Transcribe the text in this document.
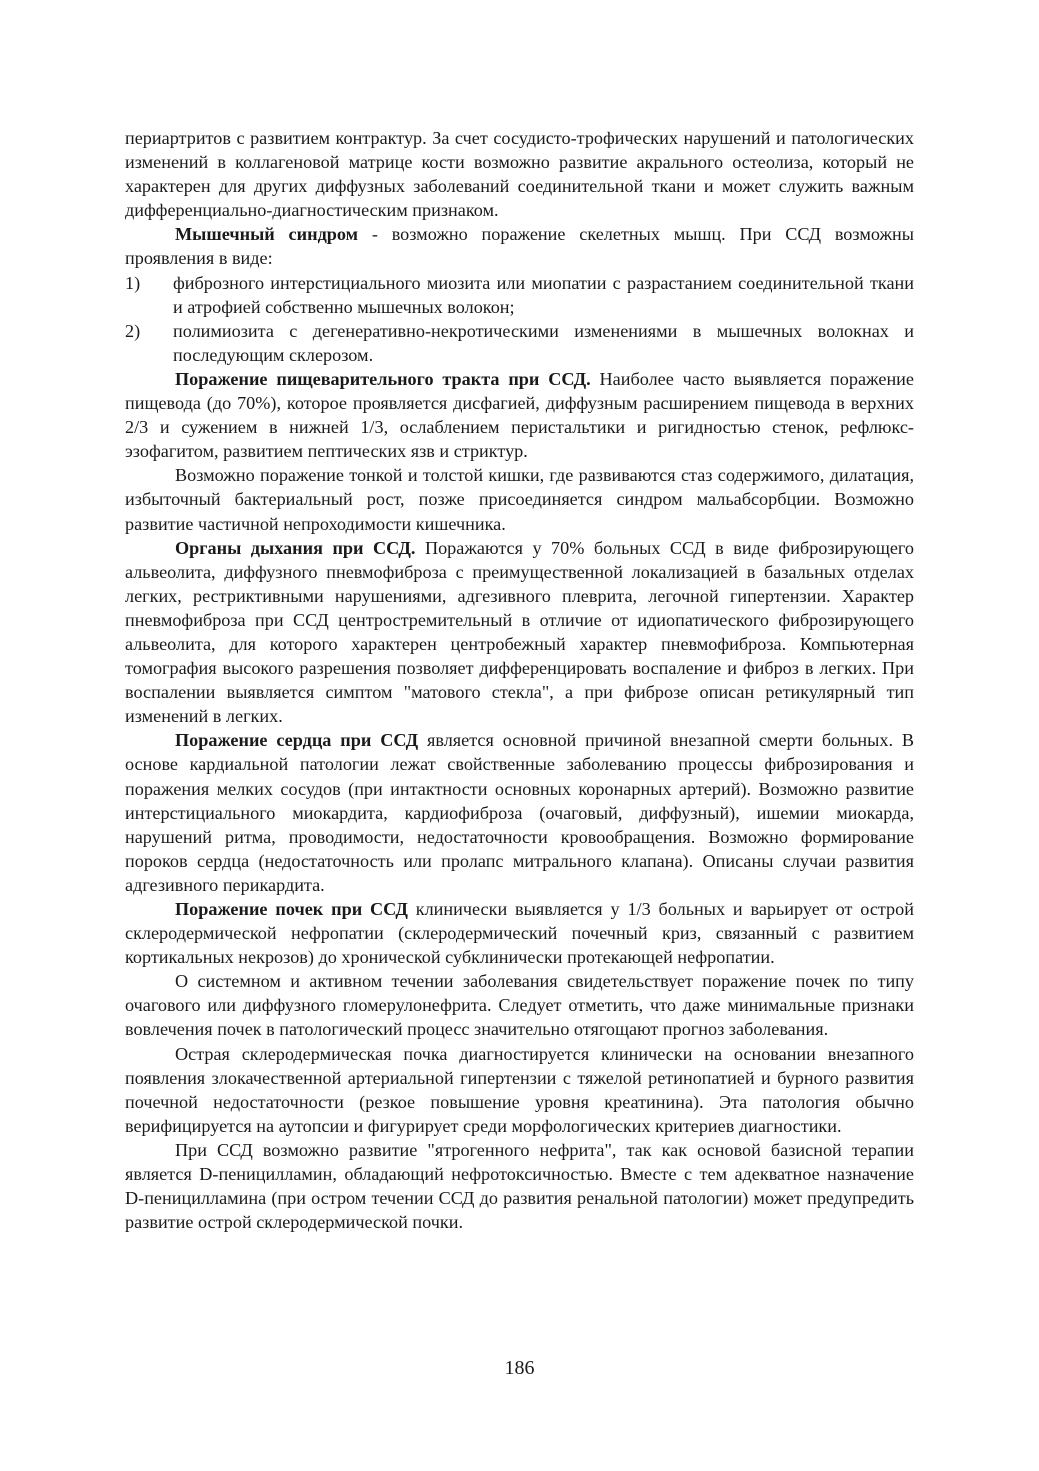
периартритов с развитием контрактур. За счет сосудисто-трофических нарушений и патологических изменений в коллагеновой матрице кости возможно развитие акрального остеолиза, который не характерен для других диффузных заболеваний соединительной ткани и может служить важным дифференциально-диагностическим признаком.

Мышечный синдром - возможно поражение скелетных мышц. При ССД возможны проявления в виде:

1) фиброзного интерстициального миозита или миопатии с разрастанием соединительной ткани и атрофией собственно мышечных волокон;
2) полимиозита с дегенеративно-некротическими изменениями в мышечных волокнах и последующим склерозом.

Поражение пищеварительного тракта при ССД. Наиболее часто выявляется поражение пищевода (до 70%), которое проявляется дисфагией, диффузным расширением пищевода в верхних 2/3 и сужением в нижней 1/3, ослаблением перистальтики и ригидностью стенок, рефлюкс-эзофагитом, развитием пептических язв и стриктур.

Возможно поражение тонкой и толстой кишки, где развиваются стаз содержимого, дилатация, избыточный бактериальный рост, позже присоединяется синдром мальабсорбции. Возможно развитие частичной непроходимости кишечника.

Органы дыхания при ССД. Поражаются у 70% больных ССД в виде фиброзирующего альвеолита, диффузного пневмофиброза с преимущественной локализацией в базальных отделах легких, рестриктивными нарушениями, адгезивного плеврита, легочной гипертензии. Характер пневмофиброза при ССД центростремительный в отличие от идиопатического фиброзирующего альвеолита, для которого характерен центробежный характер пневмофиброза. Компьютерная томография высокого разрешения позволяет дифференцировать воспаление и фиброз в легких. При воспалении выявляется симптом "матового стекла", а при фиброзе описан ретикулярный тип изменений в легких.

Поражение сердца при ССД является основной причиной внезапной смерти больных. В основе кардиальной патологии лежат свойственные заболеванию процессы фиброзирования и поражения мелких сосудов (при интактности основных коронарных артерий). Возможно развитие интерстициального миокардита, кардиофиброза (очаговый, диффузный), ишемии миокарда, нарушений ритма, проводимости, недостаточности кровообращения. Возможно формирование пороков сердца (недостаточность или пролапс митрального клапана). Описаны случаи развития адгезивного перикардита.

Поражение почек при ССД клинически выявляется у 1/3 больных и варьирует от острой склеродермической нефропатии (склеродермический почечный криз, связанный с развитием кортикальных некрозов) до хронической субклинически протекающей нефропатии.

О системном и активном течении заболевания свидетельствует поражение почек по типу очагового или диффузного гломерулонефрита. Следует отметить, что даже минимальные признаки вовлечения почек в патологический процесс значительно отягощают прогноз заболевания.

Острая склеродермическая почка диагностируется клинически на основании внезапного появления злокачественной артериальной гипертензии с тяжелой ретинопатией и бурного развития почечной недостаточности (резкое повышение уровня креатинина). Эта патология обычно верифицируется на аутопсии и фигурирует среди морфологических критериев диагностики.

При ССД возможно развитие "ятрогенного нефрита", так как основой базисной терапии является D-пеницилламин, обладающий нефротоксичностью. Вместе с тем адекватное назначение D-пеницилламина (при остром течении ССД до развития ренальной патологии) может предупредить развитие острой склеродермической почки.

186
